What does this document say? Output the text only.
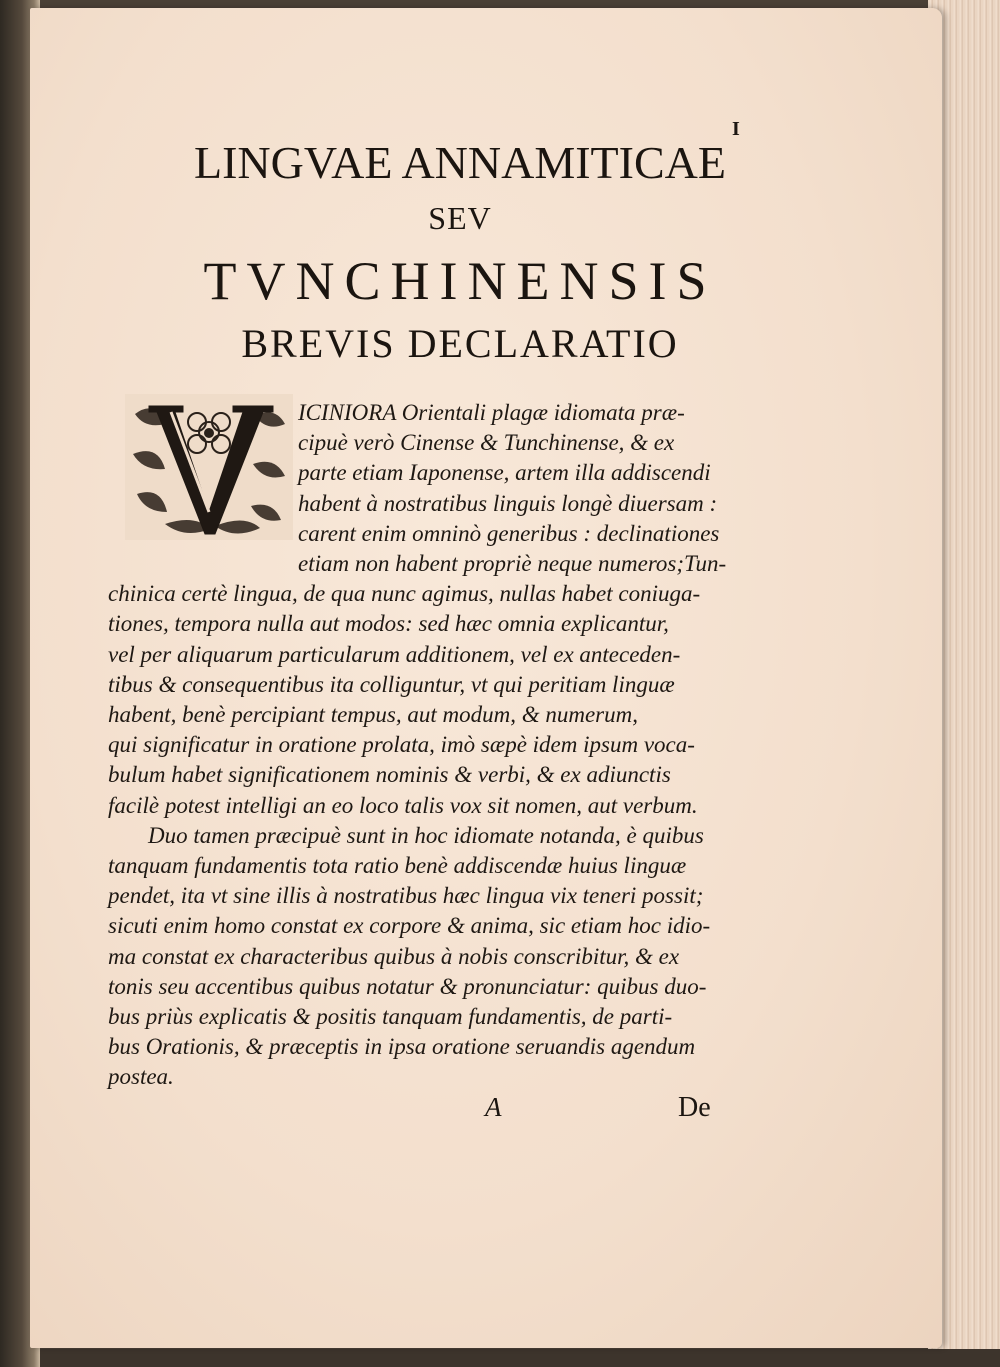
I
LINGVAE ANNAMITICAE
SEV
TVNCHINENSIS
BREVIS DECLARATIO
A	De
ICINIORA Orientali plagæ idiomata præ-
cipuè verò Cinense & Tunchinense, & ex
parte etiam Iaponense, artem illa addiscendi
habent à nostratibus linguis longè diuersam :
carent enim omninò generibus : declinationes
etiam non habent propriè neque numeros;Tun-
chinica certè lingua, de qua nunc agimus, nullas habet coniuga-
tiones, tempora nulla aut modos: sed hæc omnia explicantur,
vel per aliquarum particularum additionem, vel ex anteceden-
tibus & consequentibus ita colliguntur, vt qui peritiam linguæ
habent, benè percipiant tempus, aut modum, & numerum,
qui significatur in oratione prolata, imò sæpè idem ipsum voca-
bulum habet significationem nominis & verbi, & ex adiunctis
facilè potest intelligi an eo loco talis vox sit nomen, aut verbum.
Duo tamen præcipuè sunt in hoc idiomate notanda, è quibus
tanquam fundamentis tota ratio benè addiscendæ huius linguæ
pendet, ita vt sine illis à nostratibus hæc lingua vix teneri possit;
sicuti enim homo constat ex corpore & anima, sic etiam hoc idio-
ma constat ex characteribus quibus à nobis conscribitur, & ex
tonis seu accentibus quibus notatur & pronunciatur: quibus duo-
bus priùs explicatis & positis tanquam fundamentis, de parti-
bus Orationis, & præceptis in ipsa oratione seruandis agendum
postea.
